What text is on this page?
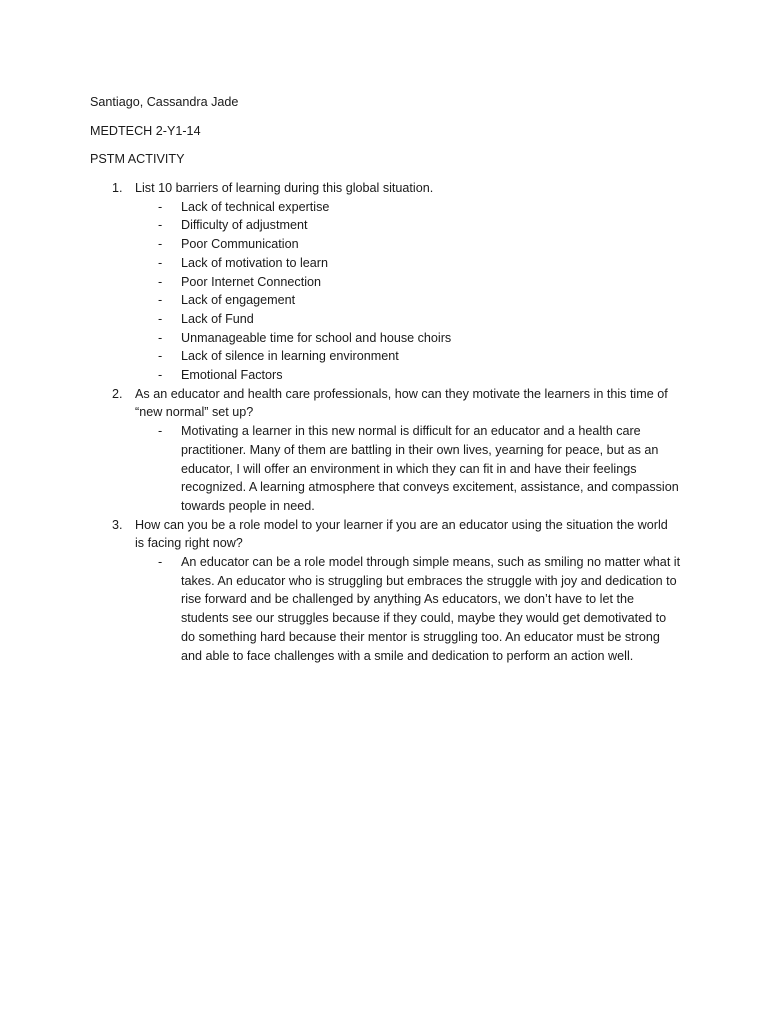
Santiago, Cassandra Jade
MEDTECH 2-Y1-14
PSTM ACTIVITY
1. List 10 barriers of learning during this global situation.
- Lack of technical expertise
- Difficulty of adjustment
- Poor Communication
- Lack of motivation to learn
- Poor Internet Connection
- Lack of engagement
- Lack of Fund
- Unmanageable time for school and house choirs
- Lack of silence in learning environment
- Emotional Factors
2. As an educator and health care professionals, how can they motivate the learners in this time of “new normal” set up?
- Motivating a learner in this new normal is difficult for an educator and a health care practitioner. Many of them are battling in their own lives, yearning for peace, but as an educator, I will offer an environment in which they can fit in and have their feelings recognized. A learning atmosphere that conveys excitement, assistance, and compassion towards people in need.
3. How can you be a role model to your learner if you are an educator using the situation the world is facing right now?
- An educator can be a role model through simple means, such as smiling no matter what it takes. An educator who is struggling but embraces the struggle with joy and dedication to rise forward and be challenged by anything As educators, we don’t have to let the students see our struggles because if they could, maybe they would get demotivated to do something hard because their mentor is struggling too. An educator must be strong and able to face challenges with a smile and dedication to perform an action well.
